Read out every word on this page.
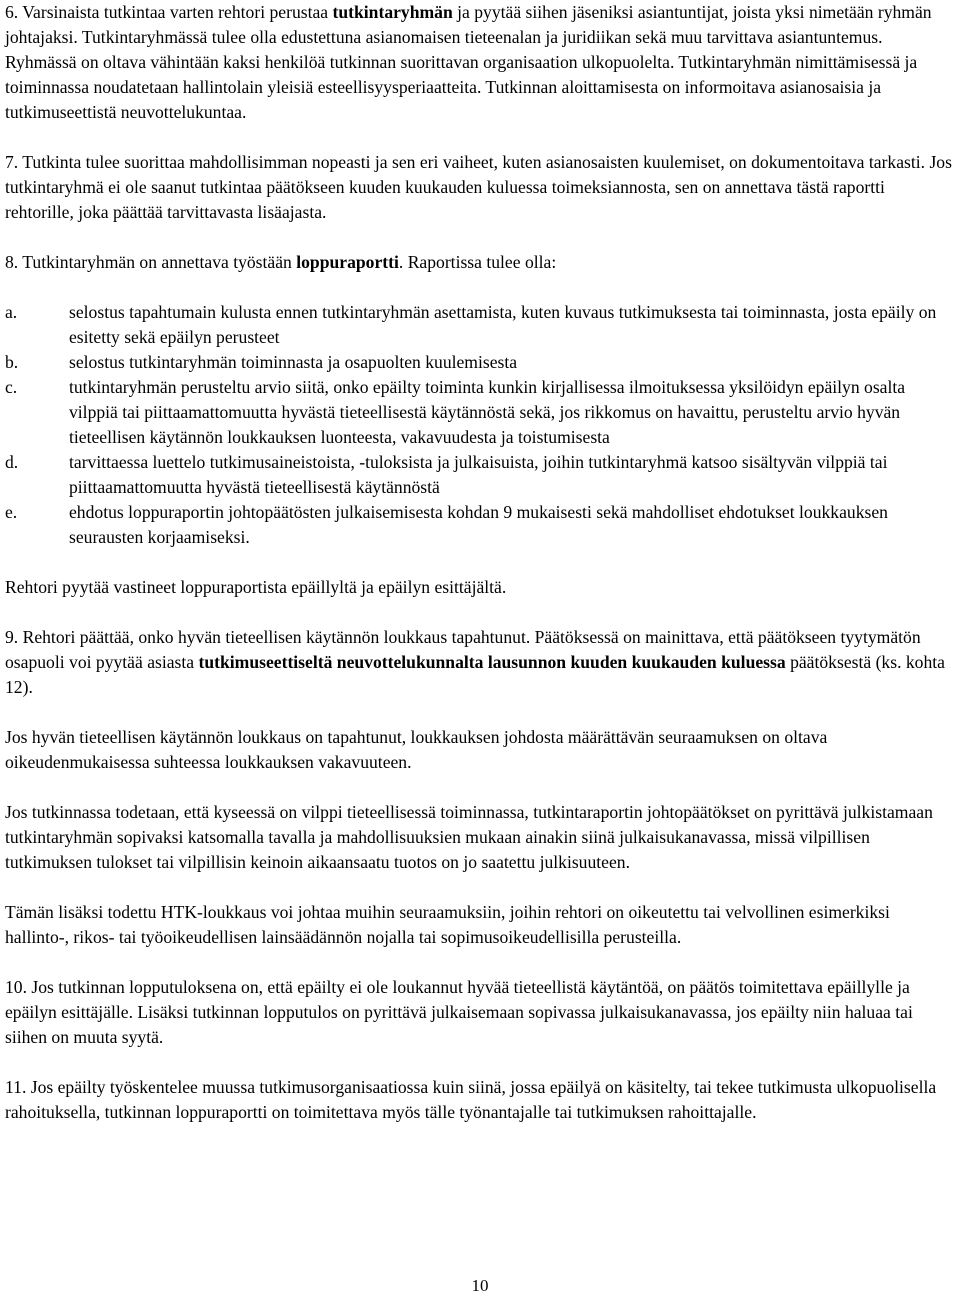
6. Varsinaista tutkintaa varten rehtori perustaa tutkintaryhmän ja pyytää siihen jäseniksi asiantuntijat, joista yksi nimetään ryhmän johtajaksi. Tutkintaryhmässä tulee olla edustettuna asianomaisen tieteenalan ja juridiikan sekä muu tarvittava asiantuntemus. Ryhmässä on oltava vähintään kaksi henkilöä tutkinnan suorittavan organisaation ulkopuolelta. Tutkintaryhmän nimittämisessä ja toiminnassa noudatetaan hallintolain yleisiä esteellisyysperiaatteita. Tutkinnan aloittamisesta on informoitava asianosaisia ja tutkimuseettistä neuvottelukuntaa.

7. Tutkinta tulee suorittaa mahdollisimman nopeasti ja sen eri vaiheet, kuten asianosaisten kuulemiset, on dokumentoitava tarkasti. Jos tutkintaryhmä ei ole saanut tutkintaa päätökseen kuuden kuukauden kuluessa toimeksiannosta, sen on annettava tästä raportti rehtorille, joka päättää tarvittavasta lisäajasta.

8. Tutkintaryhmän on annettava työstään loppuraportti. Raportissa tulee olla:

a.	selostus tapahtumain kulusta ennen tutkintaryhmän asettamista, kuten kuvaus tutkimuksesta tai toiminnasta, josta epäily on esitetty sekä epäilyn perusteet
b.	selostus tutkintaryhmän toiminnasta ja osapuolten kuulemisesta
c.	tutkintaryhmän perusteltu arvio siitä, onko epäilty toiminta kunkin kirjallisessa ilmoituksessa yksilöidyn epäilyn osalta vilppiä tai piittaamattomuutta hyvästä tieteellisestä käytännöstä sekä, jos rikkomus on havaittu, perusteltu arvio hyvän tieteellisen käytännön loukkauksen luonteesta, vakavuudesta ja toistumisesta
d.	tarvittaessa luettelo tutkimusaineistoista, -tuloksista ja julkaisuista, joihin tutkintaryhmä katsoo sisältyvän vilppiä tai piittaamattomuutta hyvästä tieteellisestä käytännöstä
e.	ehdotus loppuraportin johtopäätösten julkaisemisesta kohdan 9 mukaisesti sekä mahdolliset ehdotukset loukkauksen seurausten korjaamiseksi.

Rehtori pyytää vastineet loppuraportista epäillyltä ja epäilyn esittäjältä.

9. Rehtori päättää, onko hyvän tieteellisen käytännön loukkaus tapahtunut. Päätöksessä on mainittava, että päätökseen tyytymätön osapuoli voi pyytää asiasta tutkimuseettiseltä neuvottelukunnalta lausunnon kuuden kuukauden kuluessa päätöksestä (ks. kohta 12).

Jos hyvän tieteellisen käytännön loukkaus on tapahtunut, loukkauksen johdosta määrättävän seuraamuksen on oltava oikeudenmukaisessa suhteessa loukkauksen vakavuuteen.

Jos tutkinnassa todetaan, että kyseessä on vilppi tieteellisessä toiminnassa, tutkintaraportin johtopäätökset on pyrittävä julkistamaan tutkintaryhmän sopivaksi katsomalla tavalla ja mahdollisuuksien mukaan ainakin siinä julkaisukanavassa, missä vilpillisen tutkimuksen tulokset tai vilpillisin keinoin aikaansaatu tuotos on jo saatettu julkisuuteen.

Tämän lisäksi todettu HTK-loukkaus voi johtaa muihin seuraamuksiin, joihin rehtori on oikeutettu tai velvollinen esimerkiksi hallinto-, rikos- tai työoikeudellisen lainsäädännön nojalla tai sopimusoikeudellisilla perusteilla.

10. Jos tutkinnan lopputuloksena on, että epäilty ei ole loukannut hyvää tieteellistä käytäntöä, on päätös toimitettava epäillylle ja epäilyn esittäjälle. Lisäksi tutkinnan lopputulos on pyrittävä julkaisemaan sopivassa julkaisukanavassa, jos epäilty niin haluaa tai siihen on muuta syytä.

11. Jos epäilty työskentelee muussa tutkimusorganisaatiossa kuin siinä, jossa epäilyä on käsitelty, tai tekee tutkimusta ulkopuolisella rahoituksella, tutkinnan loppuraportti on toimitettava myös tälle työnantajalle tai tutkimuksen rahoittajalle.

10
